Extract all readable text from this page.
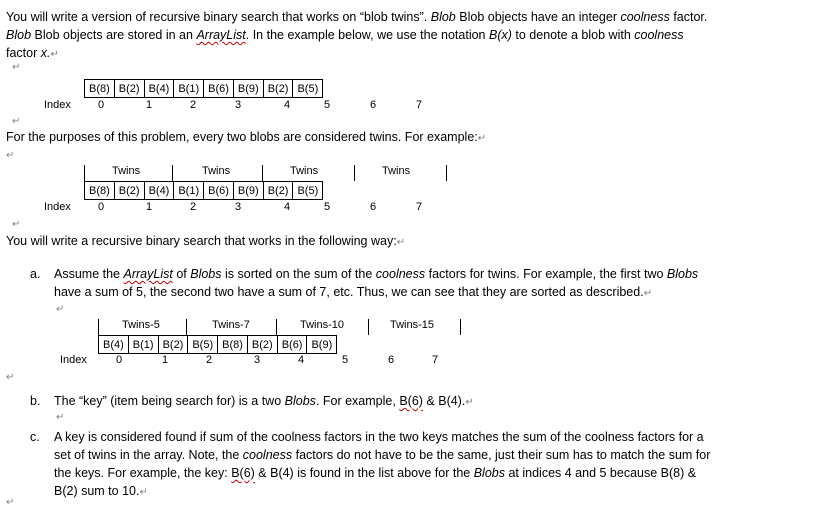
You will write a version of recursive binary search that works on “blob twins”. Blob Blob objects have an integer coolness factor. Blob Blob objects are stored in an ArrayList. In the example below, we use the notation B(x) to denote a blob with coolness factor x.↵
↵
B(8)	B(2)	B(4)	B(1)	B(6)	B(9)	B(2)	B(5)
Index 0	1	2	3	4	5	6	7
↵
For the purposes of this problem, every two blobs are considered twins. For example:↵
↵
Twins	Twins	Twins	Twins
B(8)	B(2)	B(4)	B(1)	B(6)	B(9)	B(2)	B(5)
Index 0	1	2	3	4	5	6	7
↵
You will write a recursive binary search that works in the following way:↵
a. Assume the ArrayList of Blobs is sorted on the sum of the coolness factors for twins. For example, the first two Blobs have a sum of 5, the second two have a sum of 7, etc. Thus, we can see that they are sorted as described.↵
↵
Twins-5	Twins-7	Twins-10	Twins-15
B(4)	B(1)	B(2)	B(5)	B(8)	B(2)	B(6)	B(9)
Index	0	1	2	3	4	5	6	7
↵
b. The “key” (item being search for) is a two Blobs. For example, B(6) & B(4).↵
↵
c. A key is considered found if sum of the coolness factors in the two keys matches the sum of the coolness factors for a set of twins in the array. Note, the coolness factors do not have to be the same, just their sum has to match the sum for the keys. For example, the key: B(6) & B(4) is found in the list above for the Blobs at indices 4 and 5 because B(8) & B(2) sum to 10.↵
↵
